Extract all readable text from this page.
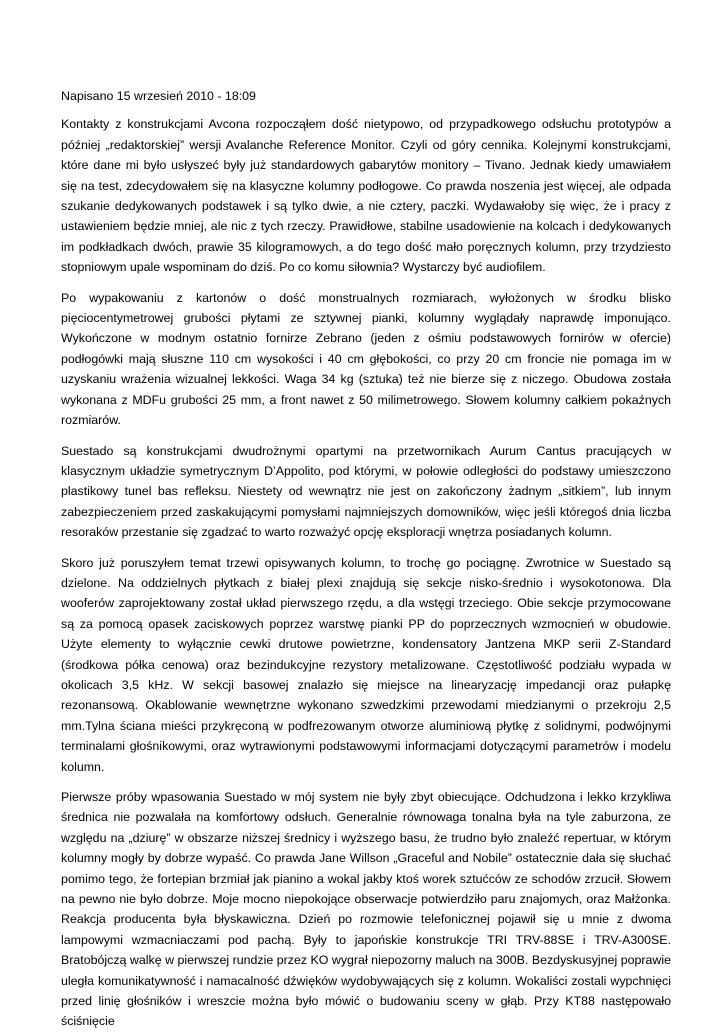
Napisano 15 wrzesień 2010 - 18:09

Kontakty z konstrukcjami Avcona rozpocząłem dość nietypowo, od przypadkowego odsłuchu prototypów a później „redaktorskiej” wersji Avalanche Reference Monitor. Czyli od góry cennika. Kolejnymi konstrukcjami, które dane mi było usłyszeć były już standardowych gabarytów monitory – Tivano. Jednak kiedy umawiałem się na test, zdecydowałem się na klasyczne kolumny podłogowe. Co prawda noszenia jest więcej, ale odpada szukanie dedykowanych podstawek i są tylko dwie, a nie cztery, paczki. Wydawałoby się więc, że i pracy z ustawieniem będzie mniej, ale nic z tych rzeczy. Prawidłowe, stabilne usadowienie na kolcach i dedykowanych im podkładkach dwóch, prawie 35 kilogramowych, a do tego dość mało poręcznych kolumn, przy trzydziesto stopniowym upale wspominam do dziś. Po co komu siłownia? Wystarczy być audiofilem.

Po wypakowaniu z kartonów o dość monstrualnych rozmiarach, wyłożonych w środku blisko pięciocentymetrowej grubości płytami ze sztywnej pianki, kolumny wyglądały naprawdę imponująco. Wykończone w modnym ostatnio fornirze Zebrano (jeden z ośmiu podstawowych fornirów w ofercie) podłogówki mają słuszne 110 cm wysokości i 40 cm głębokości, co przy 20 cm froncie nie pomaga im w uzyskaniu wrażenia wizualnej lekkości. Waga 34 kg (sztuka) też nie bierze się z niczego. Obudowa została wykonana z MDFu grubości 25 mm, a front nawet z 50 milimetrowego. Słowem kolumny całkiem pokaźnych rozmiarów.

Suestado są konstrukcjami dwudrożnymi opartymi na przetwornikach Aurum Cantus pracujących w klasycznym układzie symetrycznym D’Appolito, pod którymi, w połowie odległości do podstawy umieszczono plastikowy tunel bas refleksu. Niestety od wewnątrz nie jest on zakończony żadnym „sitkiem”, lub innym zabezpieczeniem przed zaskakującymi pomysłami najmniejszych domowników, więc jeśli któregoś dnia liczba resoraków przestanie się zgadzać to warto rozważyć opcję eksploracji wnętrza posiadanych kolumn.

Skoro już poruszyłem temat trzewi opisywanych kolumn, to trochę go pociągnę. Zwrotnice w Suestado są dzielone. Na oddzielnych płytkach z białej plexi znajdują się sekcje nisko-średnio i wysokotonowa. Dla wooferów zaprojektowany został układ pierwszego rzędu, a dla wstęgi trzeciego. Obie sekcje przymocowane są za pomocą opasek zaciskowych poprzez warstwę pianki PP do poprzecznych wzmocnień w obudowie. Użyte elementy to wyłącznie cewki drutowe powietrzne, kondensatory Jantzena MKP serii Z-Standard (środkowa półka cenowa) oraz bezindukcyjne rezystory metalizowane. Częstotliwość podziału wypada w okolicach 3,5 kHz. W sekcji basowej znalazło się miejsce na linearyzację impedancji oraz pułapkę rezonansową. Okablowanie wewnętrzne wykonano szwedzkimi przewodami miedzianymi o przekroju 2,5 mm.Tylna ściana mieści przykręconą w podfrezowanym otworze aluminiową płytkę z solidnymi, podwójnymi terminalami głośnikowymi, oraz wytrawionymi podstawowymi informacjami dotyczącymi parametrów i modelu kolumn.

Pierwsze próby wpasowania Suestado w mój system nie były zbyt obiecujące. Odchudzona i lekko krzykliwa średnica nie pozwalała na komfortowy odsłuch. Generalnie równowaga tonalna była na tyle zaburzona, ze względu na „dziurę” w obszarze niższej średnicy i wyższego basu, że trudno było znaleźć repertuar, w którym kolumny mogły by dobrze wypaść. Co prawda Jane Willson „Graceful and Nobile” ostatecznie dała się słuchać pomimo tego, że fortepian brzmiał jak pianino a wokal jakby ktoś worek sztućców ze schodów zrzucił. Słowem na pewno nie było dobrze. Moje mocno niepokojące obserwacje potwierdziło paru znajomych, oraz Małżonka. Reakcja producenta była błyskawiczna. Dzień po rozmowie telefonicznej pojawił się u mnie z dwoma lampowymi wzmacniaczami pod pachą. Były to japońskie konstrukcje TRI TRV-88SE i TRV-A300SE. Bratobójczą walkę w pierwszej rundzie przez KO wygrał niepozorny maluch na 300B. Bezdyskusyjnej poprawie uległa komunikatywność i namacalność dźwięków wydobywających się z kolumn. Wokaliści zostali wypchnięci przed linię głośników i wreszcie można było mówić o budowaniu sceny w głąb. Przy KT88 następowało ściśnięcie
